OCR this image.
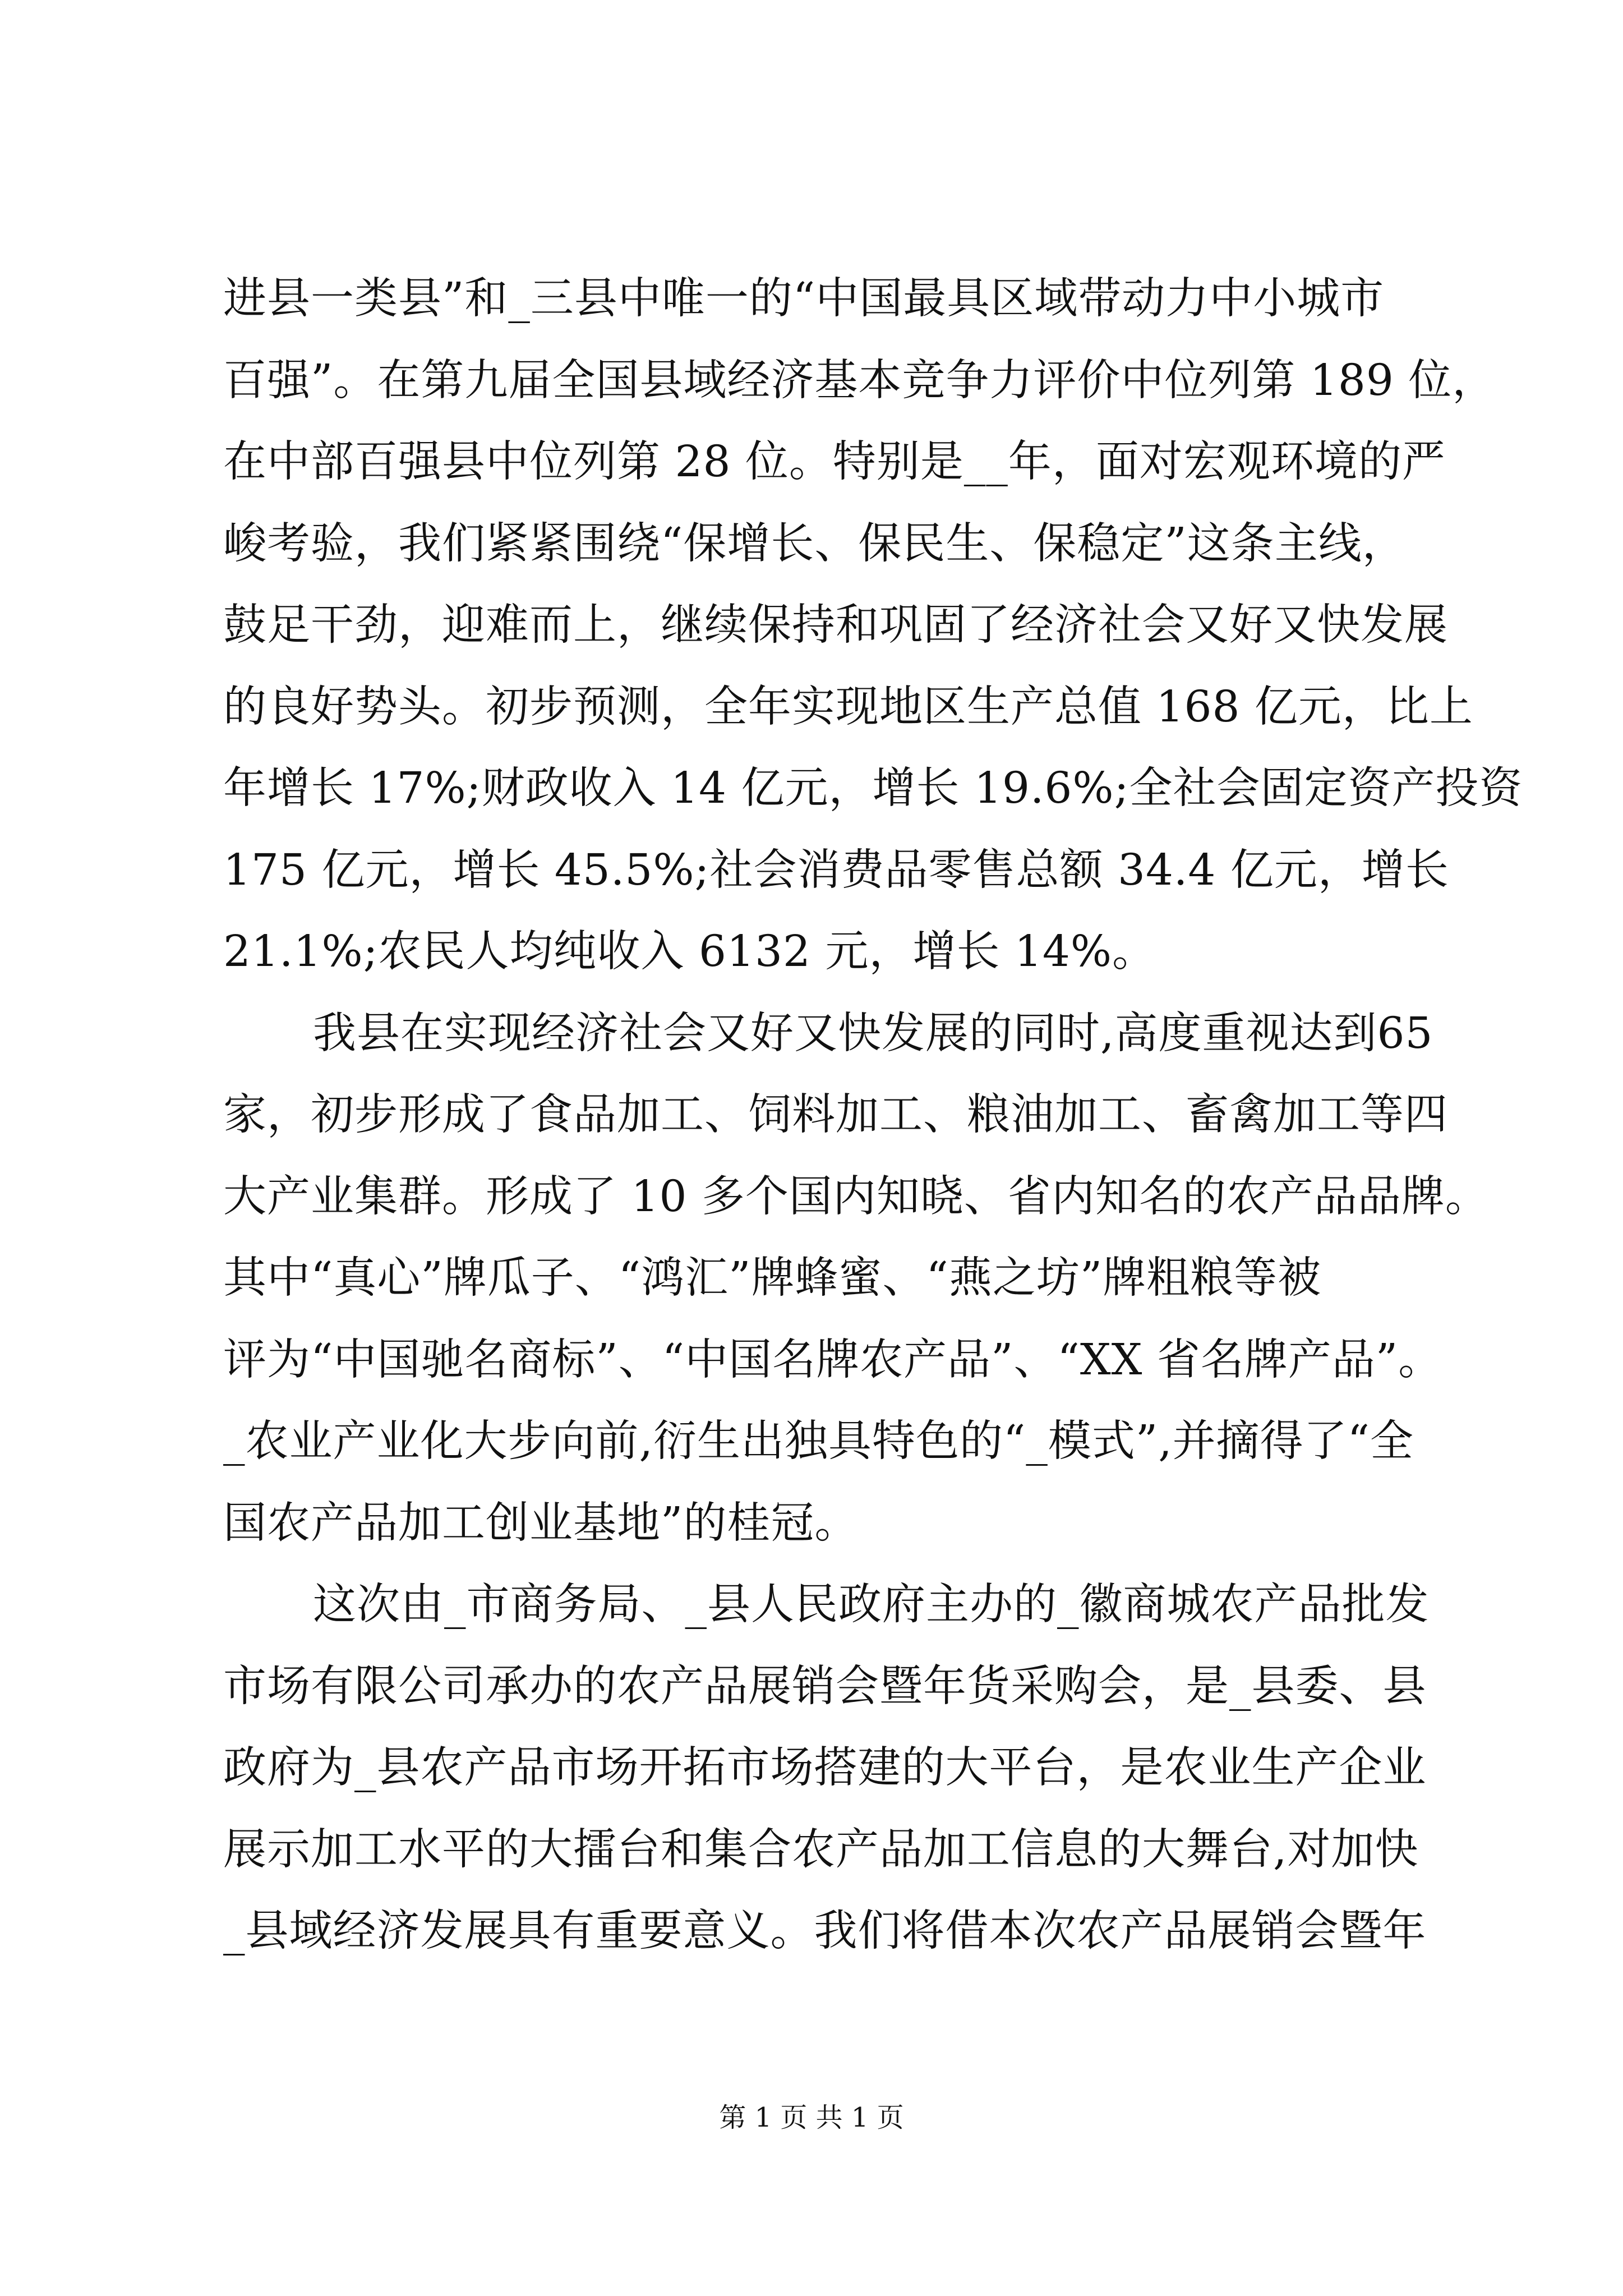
进县一类县”和_三县中唯一的“中国最具区域带动力中小城市
百强”。在第九届全国县域经济基本竞争力评价中位列第 189 位，
在中部百强县中位列第 28 位。特别是__年，面对宏观环境的严
峻考验，我们紧紧围绕“保增长、保民生、保稳定”这条主线，
鼓足干劲，迎难而上，继续保持和巩固了经济社会又好又快发展
的良好势头。初步预测，全年实现地区生产总值 168 亿元，比上
年增长 17%;财政收入 14 亿元，增长 19.6%;全社会固定资产投资
175 亿元，增长 45.5%;社会消费品零售总额 34.4 亿元，增长
21.1%;农民人均纯收入 6132 元，增长 14%。
我县在实现经济社会又好又快发展的同时,高度重视达到65
家，初步形成了食品加工、饲料加工、粮油加工、畜禽加工等四
大产业集群。形成了 10 多个国内知晓、省内知名的农产品品牌。
其中“真心”牌瓜子、“鸿汇”牌蜂蜜、“燕之坊”牌粗粮等被
评为“中国驰名商标”、“中国名牌农产品”、“XX 省名牌产品”。
_农业产业化大步向前,衍生出独具特色的“_模式”,并摘得了“全
国农产品加工创业基地”的桂冠。
这次由_市商务局、_县人民政府主办的_徽商城农产品批发
市场有限公司承办的农产品展销会暨年货采购会，是_县委、县
政府为_县农产品市场开拓市场搭建的大平台，是农业生产企业
展示加工水平的大擂台和集合农产品加工信息的大舞台,对加快
_县域经济发展具有重要意义。我们将借本次农产品展销会暨年
第 1 页 共 1 页
